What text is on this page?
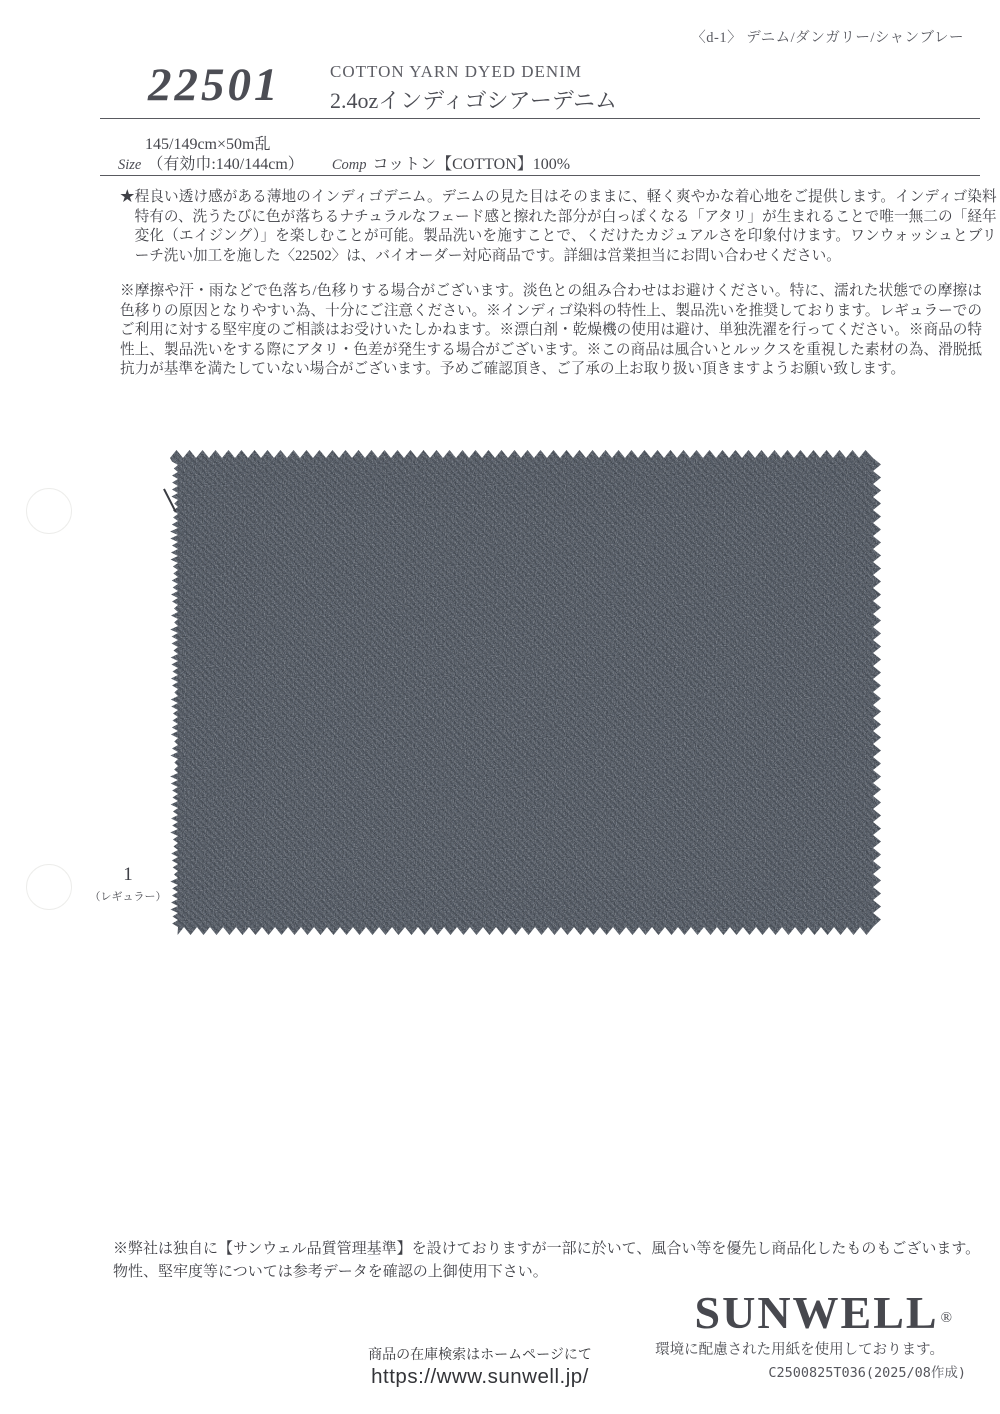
〈d-1〉 デニム/ダンガリー/シャンブレー
22501	COTTON YARN DYED DENIM
2.4ozインディゴシアーデニム
145/149cm×50m乱
Size （有効巾:140/144cm） Comp コットン【COTTON】100%

★程良い透け感がある薄地のインディゴデニム。デニムの見た目はそのままに、軽く爽やかな着心地をご提供します。インディゴ染料特有の、洗うたびに色が落ちるナチュラルなフェード感と擦れた部分が白っぽくなる「アタリ」が生まれることで唯一無二の「経年変化（エイジング）」を楽しむことが可能。製品洗いを施すことで、くだけたカジュアルさを印象付けます。ワンウォッシュとブリーチ洗い加工を施した〈22502〉は、バイオーダー対応商品です。詳細は営業担当にお問い合わせください。

※摩擦や汗・雨などで色落ち/色移りする場合がございます。淡色との組み合わせはお避けください。特に、濡れた状態での摩擦は色移りの原因となりやすい為、十分にご注意ください。※インディゴ染料の特性上、製品洗いを推奨しております。レギュラーでのご利用に対する堅牢度のご相談はお受けいたしかねます。※漂白剤・乾燥機の使用は避け、単独洗濯を行ってください。※商品の特性上、製品洗いをする際にアタリ・色差が発生する場合がございます。※この商品は風合いとルックスを重視した素材の為、滑脱抵抗力が基準を満たしていない場合がございます。予めご確認頂き、ご了承の上お取り扱い頂きますようお願い致します。

1
（レギュラー）
※弊社は独自に【サンウェル品質管理基準】を設けておりますが一部に於いて、風合い等を優先し商品化したものもございます。
物性、堅牢度等については参考データを確認の上御使用下さい。
商品の在庫検索はホームページにて
https://www.sunwell.jp/
SUNWELL ®
環境に配慮された用紙を使用しております。
C2500825T036(2025/08作成)
